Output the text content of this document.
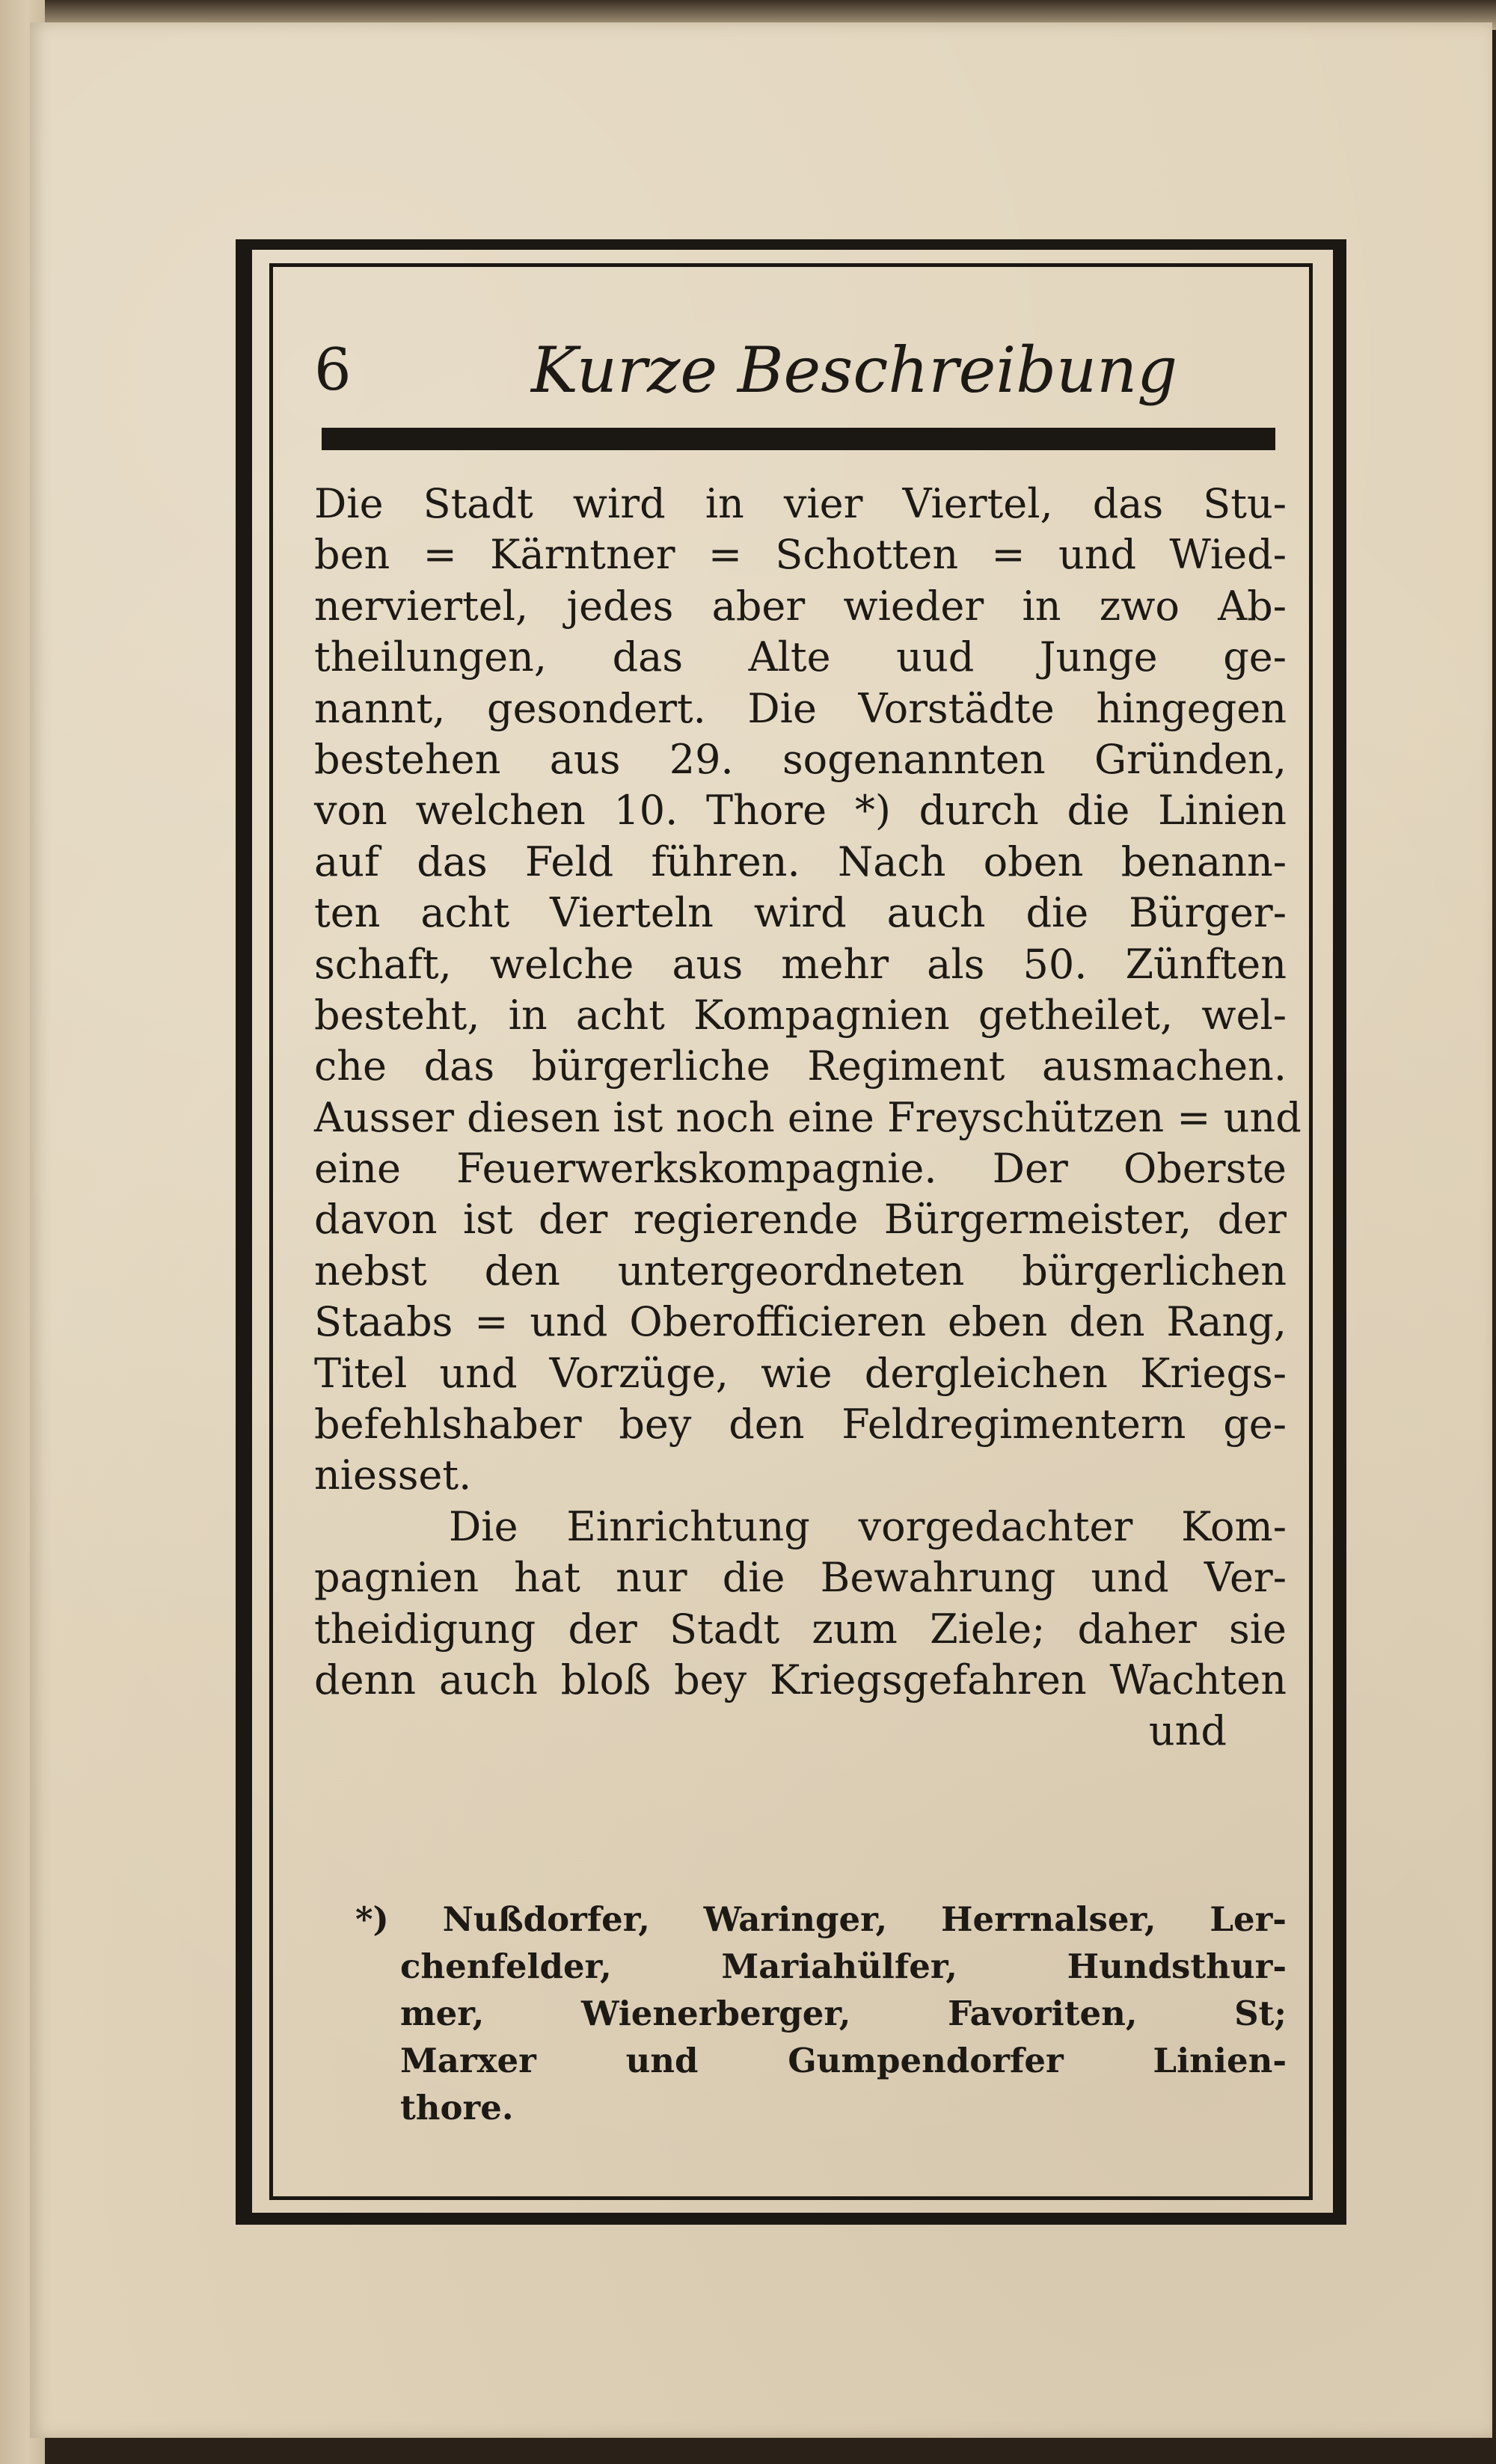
6	Kurze Beschreibung
Die Stadt wird in vier Viertel, das Stu-
ben = Kärntner = Schotten = und Wied-
nerviertel, jedes aber wieder in zwo Ab-
theilungen, das Alte uud Junge ge-
nannt, gesondert. Die Vorstädte hingegen
bestehen aus 29. sogenannten Gründen,
von welchen 10. Thore *) durch die Linien
auf das Feld führen. Nach oben benann-
ten acht Vierteln wird auch die Bürger-
schaft, welche aus mehr als 50. Zünften
besteht, in acht Kompagnien getheilet, wel-
che das bürgerliche Regiment ausmachen.
Ausser diesen ist noch eine Freyschützen = und
eine Feuerwerkskompagnie. Der Oberste
davon ist der regierende Bürgermeister, der
nebst den untergeordneten bürgerlichen
Staabs = und Oberofficieren eben den Rang,
Titel und Vorzüge, wie dergleichen Kriegs-
befehlshaber bey den Feldregimentern ge-
niesset.
Die Einrichtung vorgedachter Kom-
pagnien hat nur die Bewahrung und Ver-
theidigung der Stadt zum Ziele; daher sie
denn auch bloß bey Kriegsgefahren Wachten
und
*) Nußdorfer, Waringer, Herrnalser, Ler-
chenfelder, Mariahülfer, Hundsthur-
mer, Wienerberger, Favoriten, St;
Marxer und Gumpendorfer Linien-
thore.
